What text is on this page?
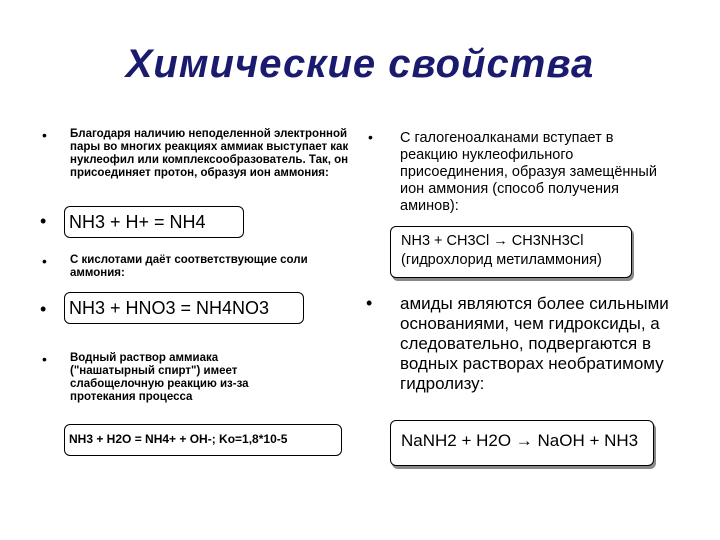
Химические свойства
• Благодаря наличию неподеленной электронной пары во многих реакциях аммиак выступает как нуклеофил или комплексообразователь. Так, он присоединяет протон, образуя ион аммония:
• NH3 + H+ = NH4
• С кислотами даёт соответствующие соли аммония:
• NH3 + HNO3 = NH4NO3
• Водный раствор аммиака ("нашатырный спирт") имеет слабощелочную реакцию из-за протекания процесса
NH3 + H2O = NH4+ + OH-; Ko=1,8*10-5
• С галогеноалканами вступает в реакцию нуклеофильного присоединения, образуя замещённый ион аммония (способ получения аминов):
NH3 + CH3Cl → CH3NH3Cl
(гидрохлорид метиламмония)
• амиды являются более сильными основаниями, чем гидроксиды, а следовательно, подвергаются в водных растворах необратимому гидролизу:
NaNH2 + H2O → NaOH + NH3
